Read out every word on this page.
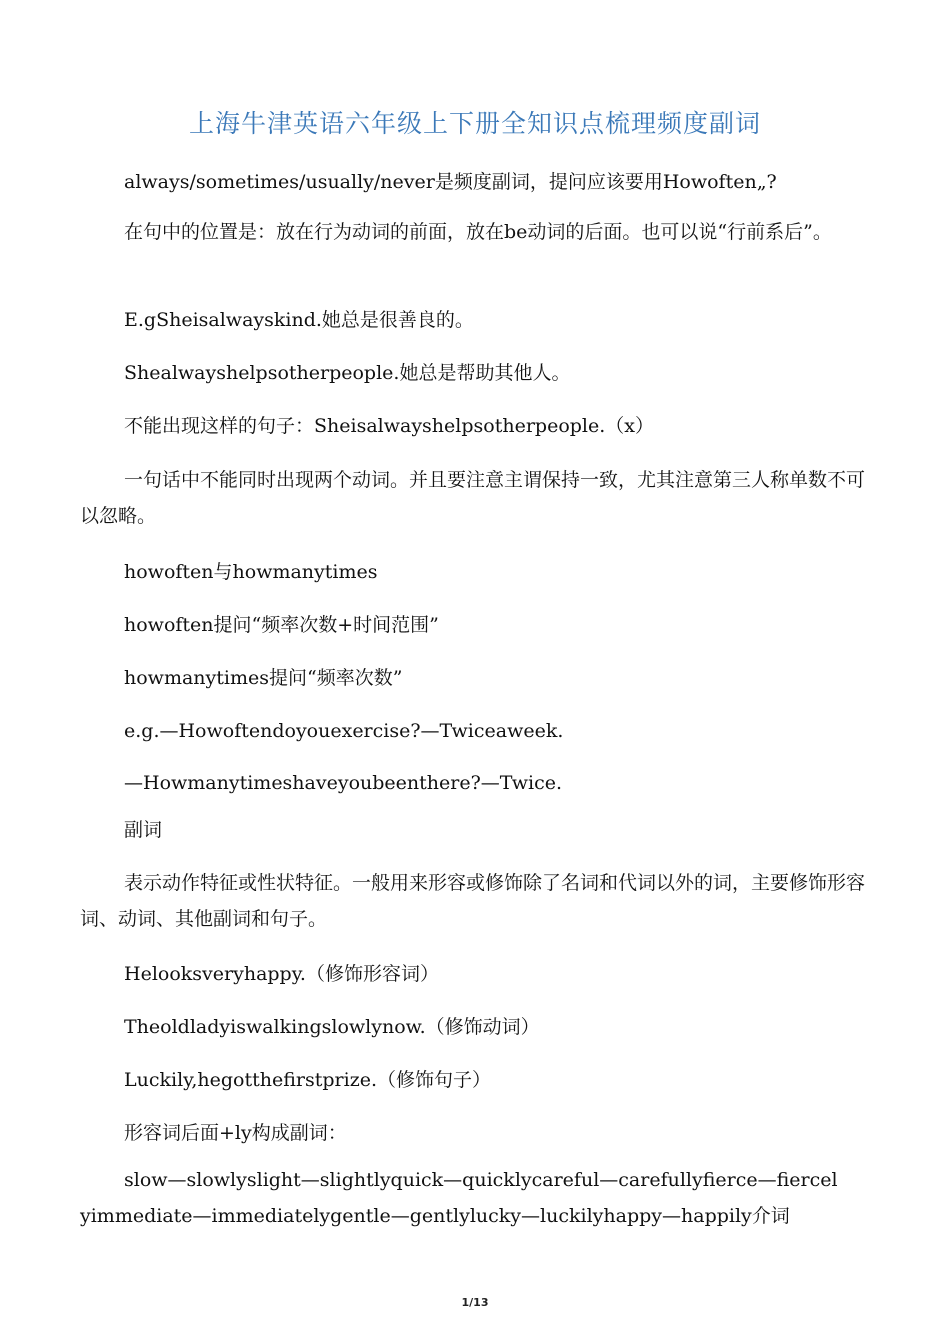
上海牛津英语六年级上下册全知识点梳理频度副词
always/sometimes/usually/never是频度副词，提问应该要用Howoften„?
在句中的位置是：放在行为动词的前面，放在be动词的后面。也可以说“行前系后”。
E.gSheisalwayskind.她总是很善良的。
Shealwayshelpsotherpeople.她总是帮助其他人。
不能出现这样的句子：Sheisalwayshelpsotherpeople.（x）
一句话中不能同时出现两个动词。并且要注意主谓保持一致，尤其注意第三人称单数不可以忽略。
howoften与howmanytimes
howoften提问“频率次数+时间范围”
howmanytimes提问“频率次数”
e.g.—Howoftendoyouexercise?—Twiceaweek.
—Howmanytimeshaveyoubeenthere?—Twice.
副词
表示动作特征或性状特征。一般用来形容或修饰除了名词和代词以外的词，主要修饰形容词、动词、其他副词和句子。
Helooksveryhappy.（修饰形容词）
Theoldladyiswalkingslowlynow.（修饰动词）
Luckily,hegotthefirstprize.（修饰句子）
形容词后面+ly构成副词：
slow—slowlyslight—slightlyquick—quicklycareful—carefullyfierce—fiercelyimmediate—immediatelygentle—gentlylucky—luckilyhappy—happily介词
1/13
